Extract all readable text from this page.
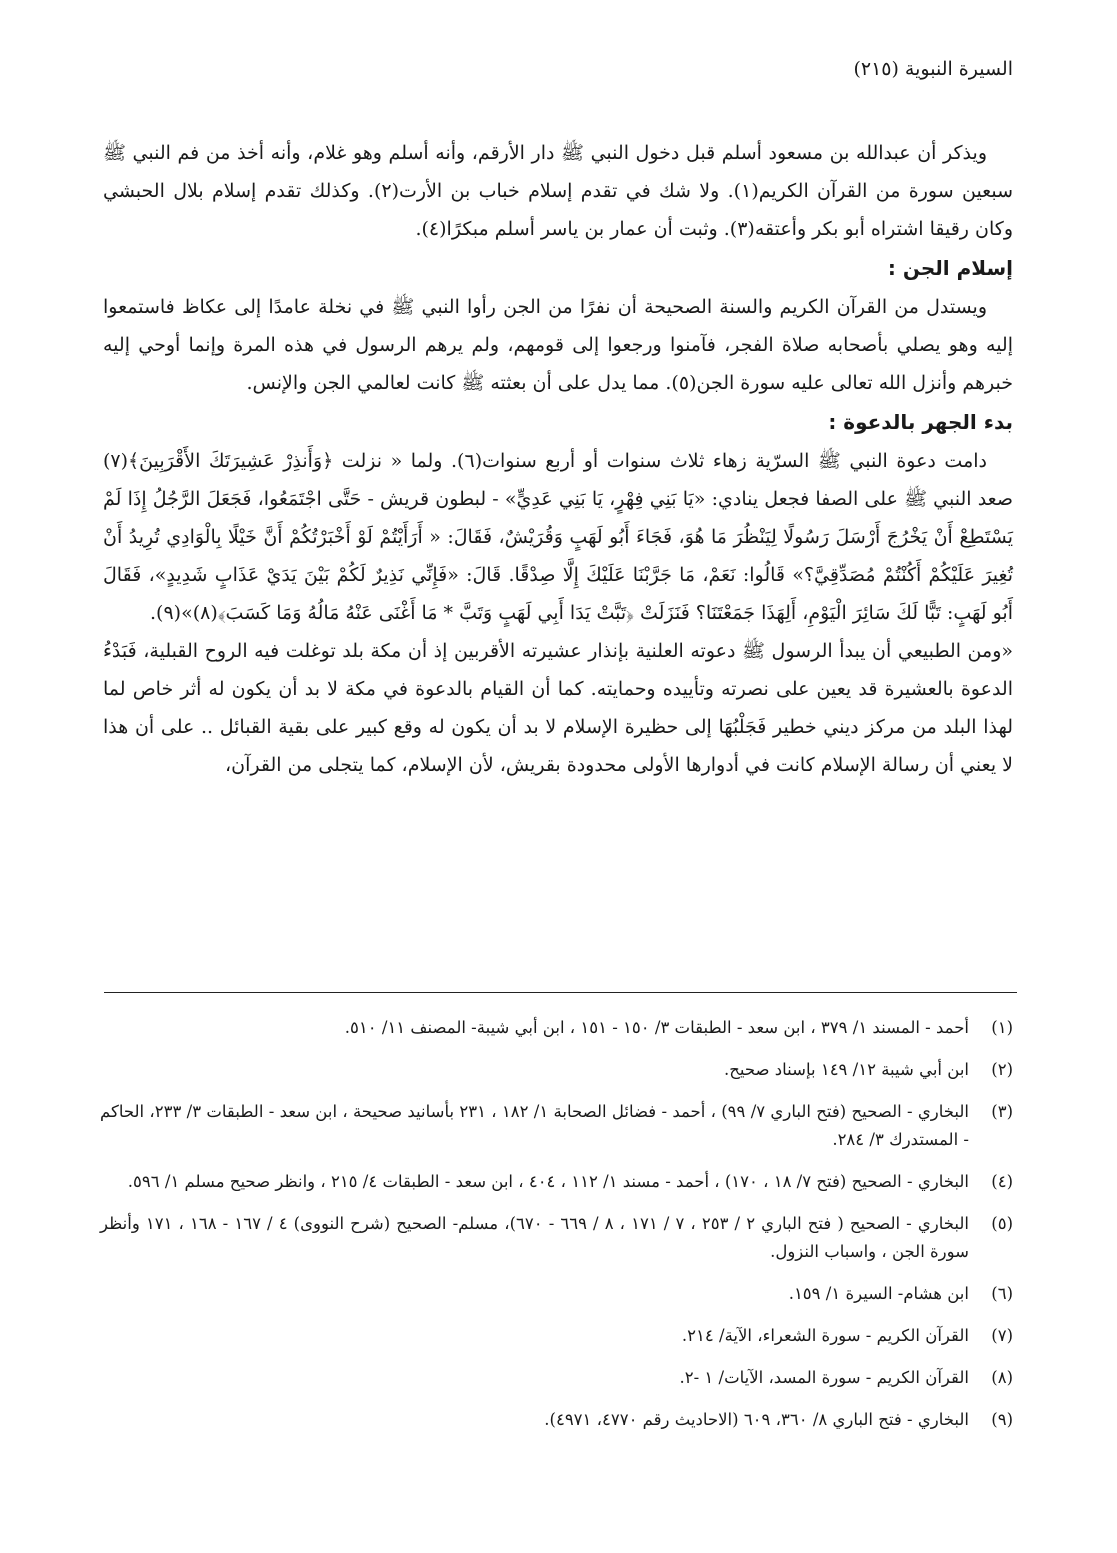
السيرة النبوية (٢١٥)

ويذكر أن عبدالله بن مسعود أسلم قبل دخول النبي ﷺ دار الأرقم، وأنه أسلم وهو غلام، وأنه أخذ من فم النبي ﷺ سبعين سورة من القرآن الكريم(١). ولا شك في تقدم إسلام خباب بن الأرت(٢). وكذلك تقدم إسلام بلال الحبشي وكان رقيقا اشتراه أبو بكر وأعتقه(٣). وثبت أن عمار بن ياسر أسلم مبكرًا(٤).

إسلام الجن :

ويستدل من القرآن الكريم والسنة الصحيحة أن نفرًا من الجن رأوا النبي ﷺ في نخلة عامدًا إلى عكاظ فاستمعوا إليه وهو يصلي بأصحابه صلاة الفجر، فآمنوا ورجعوا إلى قومهم، ولم يرهم الرسول في هذه المرة وإنما أوحي إليه خبرهم وأنزل الله تعالى عليه سورة الجن(٥). مما يدل على أن بعثته ﷺ كانت لعالمي الجن والإنس.

بدء الجهر بالدعوة :

دامت دعوة النبي ﷺ السرّية زهاء ثلاث سنوات أو أربع سنوات(٦). ولما « نزلت ﴿وَأَنذِرْ عَشِيرَتَكَ الأَقْرَبِينَ﴾(٧) صعد النبي ﷺ على الصفا فجعل ينادي: «يَا بَنِي فِهْرٍ، يَا بَنِي عَدِيٍّ» - لبطون قريش - حَتَّى اجْتَمَعُوا، فَجَعَلَ الرَّجُلُ إِذَا لَمْ يَسْتَطِعْ أَنْ يَخْرُجَ أَرْسَلَ رَسُولًا لِيَنْظُرَ مَا هُوَ، فَجَاءَ أَبُو لَهَبٍ وَقُرَيْشٌ، فَقَالَ: « أَرَأَيْتُمْ لَوْ أَخْبَرْتُكُمْ أَنَّ خَيْلًا بِالْوَادِي تُرِيدُ أَنْ تُغِيرَ عَلَيْكُمْ أَكُنْتُمْ مُصَدِّقِيَّ؟» قَالُوا: نَعَمْ، مَا جَرَّبْنَا عَلَيْكَ إِلَّا صِدْقًا. قَالَ: «فَإِنِّي نَذِيرٌ لَكُمْ بَيْنَ يَدَيْ عَذَابٍ شَدِيدٍ»، فَقَالَ أَبُو لَهَبٍ: تَبًّا لَكَ سَائِرَ الْيَوْمِ، أَلِهَذَا جَمَعْتَنَا؟ فَنَزَلَتْ ﴿تَبَّتْ يَدَا أَبِي لَهَبٍ وَتَبَّ * مَا أَغْنَى عَنْهُ مَالُهُ وَمَا كَسَبَ﴾(٨)»(٩).

«ومن الطبيعي أن يبدأ الرسول ﷺ دعوته العلنية بإنذار عشيرته الأقربين إذ أن مكة بلد توغلت فيه الروح القبلية، فَبَدْءُ الدعوة بالعشيرة قد يعين على نصرته وتأييده وحمايته. كما أن القيام بالدعوة في مكة لا بد أن يكون له أثر خاص لما لهذا البلد من مركز ديني خطير فَجَلْبُهَا إلى حظيرة الإسلام لا بد أن يكون له وقع كبير على بقية القبائل .. على أن هذا لا يعني أن رسالة الإسلام كانت في أدوارها الأولى محدودة بقريش، لأن الإسلام، كما يتجلى من القرآن،

(١)
أحمد - المسند ١/ ٣٧٩ ، ابن سعد - الطبقات ٣/ ١٥٠ - ١٥١ ، ابن أبي شيبة- المصنف ١١/ ٥١٠.
(٢)
ابن أبي شيبة ١٢/ ١٤٩ بإسناد صحيح.
(٣)
البخاري - الصحيح (فتح الباري ٧/ ٩٩) ، أحمد - فضائل الصحابة ١/ ١٨٢ ، ٢٣١ بأسانيد صحيحة ، ابن سعد - الطبقات ٣/ ٢٣٣، الحاكم - المستدرك ٣/ ٢٨٤.
(٤)
البخاري - الصحيح (فتح ٧/ ١٨ ، ١٧٠) ، أحمد - مسند ١/ ١١٢ ، ٤٠٤ ، ابن سعد - الطبقات ٤/ ٢١٥ ، وانظر صحيح مسلم ١/ ٥٩٦.
(٥)
البخاري - الصحيح ( فتح الباري ٢ / ٢٥٣ ، ٧ / ١٧١ ، ٨ / ٦٦٩ - ٦٧٠)، مسلم- الصحيح (شرح النووى) ٤ / ١٦٧ - ١٦٨ ، ١٧١ وأنظر سورة الجن ، واسباب النزول.
(٦)
ابن هشام- السيرة ١/ ١٥٩.
(٧)
القرآن الكريم - سورة الشعراء، الآية/ ٢١٤.
(٨)
القرآن الكريم - سورة المسد، الآيات/ ١ -٢.
(٩)
البخاري - فتح الباري ٨/ ٣٦٠، ٦٠٩ (الاحاديث رقم ٤٧٧٠، ٤٩٧١).
